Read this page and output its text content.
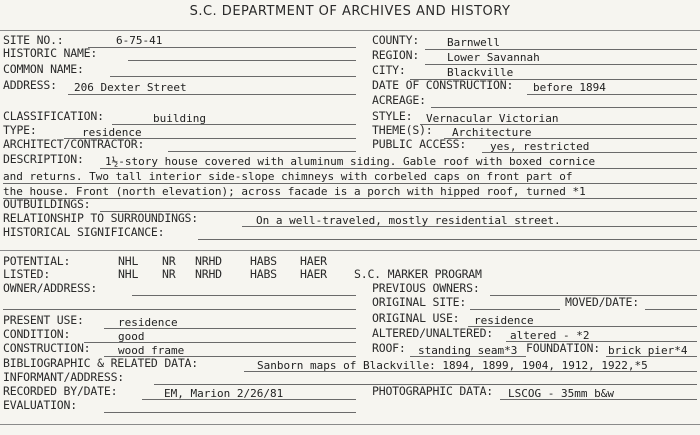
S.C. DEPARTMENT OF ARCHIVES AND HISTORY
SITE NO.:	6-75-41	COUNTY:	Barnwell
HISTORIC NAME:	REGION:	Lower Savannah
COMMON NAME:	CITY:	Blackville
ADDRESS: 206 Dexter Street	DATE OF CONSTRUCTION: before 1894
ACREAGE:
CLASSIFICATION:	building	STYLE: Vernacular Victorian
TYPE:	residence	THEME(S): Architecture
ARCHITECT/CONTRACTOR:	PUBLIC ACCESS: yes, restricted
DESCRIPTION: 1½-story house covered with aluminum siding. Gable roof with boxed cornice
and returns. Two tall interior side-slope chimneys with corbeled caps on front part of
the house. Front (north elevation); across facade is a porch with hipped roof, turned *1
OUTBUILDINGS:
RELATIONSHIP TO SURROUNDINGS:	On a well-traveled, mostly residential street.
HISTORICAL SIGNIFICANCE:
POTENTIAL:	NHL NR NRHD HABS HAER
LISTED:	NHL NR NRHD HABS HAER S.C. MARKER PROGRAM
OWNER/ADDRESS:	PREVIOUS OWNERS:
ORIGINAL SITE:	MOVED/DATE:
PRESENT USE:	residence	ORIGINAL USE: residence
CONDITION:	good	ALTERED/UNALTERED: altered - *2
CONSTRUCTION:	wood frame	ROOF: standing seam*3 FOUNDATION: brick pier*4
BIBLIOGRAPHIC & RELATED DATA:	Sanborn maps of Blackville: 1894, 1899, 1904, 1912, 1922,*5
INFORMANT/ADDRESS:
RECORDED BY/DATE:	EM, Marion 2/26/81	PHOTOGRAPHIC DATA: LSCOG - 35mm b&w
EVALUATION:
